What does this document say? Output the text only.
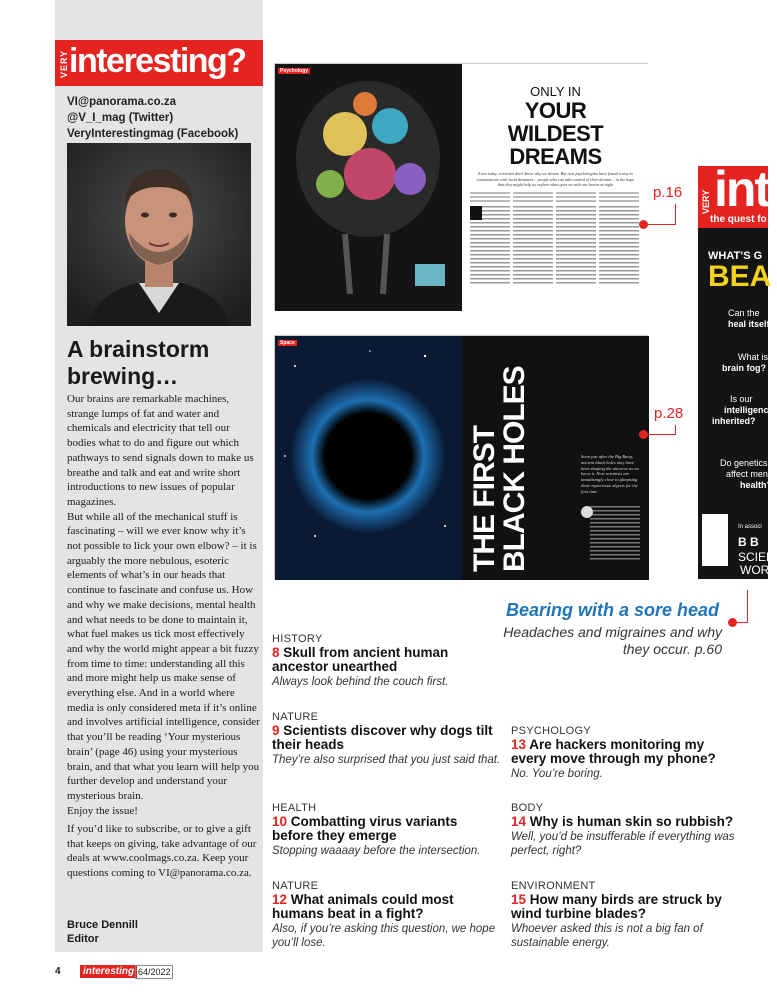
VERY interesting?
VI@panorama.co.za
@V_I_mag (Twitter)
VeryInterestingmag (Facebook)
A brainstorm brewing…

Our brains are remarkable machines, strange lumps of fat and water and chemicals and electricity that tell our bodies what to do and figure out which pathways to send signals down to make us breathe and talk and eat and write short introductions to new issues of popular magazines.

But while all of the mechanical stuff is fascinating – will we ever know why it’s not possible to lick your own elbow? – it is arguably the more nebulous, esoteric elements of what’s in our heads that continue to fascinate and confuse us. How and why we make decisions, mental health and what needs to be done to maintain it, what fuel makes us tick most effectively and why the world might appear a bit fuzzy from time to time: understanding all this and more might help us make sense of everything else. And in a world where media is only considered meta if it’s online and involves artificial intelligence, consider that you’ll be reading ‘Your mysterious brain’ (page 46) using your mysterious brain, and that what you learn will help you further develop and understand your mysterious brain.

Enjoy the issue!

If you’d like to subscribe, or to give a gift that keeps on giving, take advantage of our deals at www.coolmags.co.za. Keep your questions coming to VI@panorama.co.za.
Bruce Dennill
Editor
Psychology
ONLY IN
YOUR
WILDEST
DREAMS
Even today, scientists don’t know why we dream. But now psychologists have found a way to communicate with lucid dreamers – people who can take control of their dreams – in the hope that they might help us explore what goes on with our brains at night	p.16
Space
THE FIRST
BLACK HOLES	Soon just after the Big Bang, ancient black holes may have been shaping the universe as we know it. Now scientists are tantalisingly close to glimpsing these mysterious objects for the first time
p.28
VERY int
the quest fo
WHAT’S G
BEA
Can the
heal itself
What is
brain fog?
Is our
intelligence
inherited?
Do genetics
affect mental
health?
In associ
B B
SCIEN
WOR
Bearing with a sore head
Headaches and migraines and why
they occur. p.60
HISTORY
8 Skull from ancient human ancestor unearthed
Always look behind the couch first.
NATURE
9 Scientists discover why dogs tilt their heads
They’re also surprised that you just said that.
HEALTH
10 Combatting virus variants before they emerge
Stopping waaaay before the intersection.
NATURE
12 What animals could most humans beat in a fight?
Also, if you’re asking this question, we hope you’ll lose.
PSYCHOLOGY
13 Are hackers monitoring my every move through my phone?
No. You’re boring.
BODY
14 Why is human skin so rubbish?
Well, you’d be insufferable if everything was perfect, right?
ENVIRONMENT
15 How many birds are struck by wind turbine blades?
Whoever asked this is not a big fan of sustainable energy.
4	interesting 64/2022
